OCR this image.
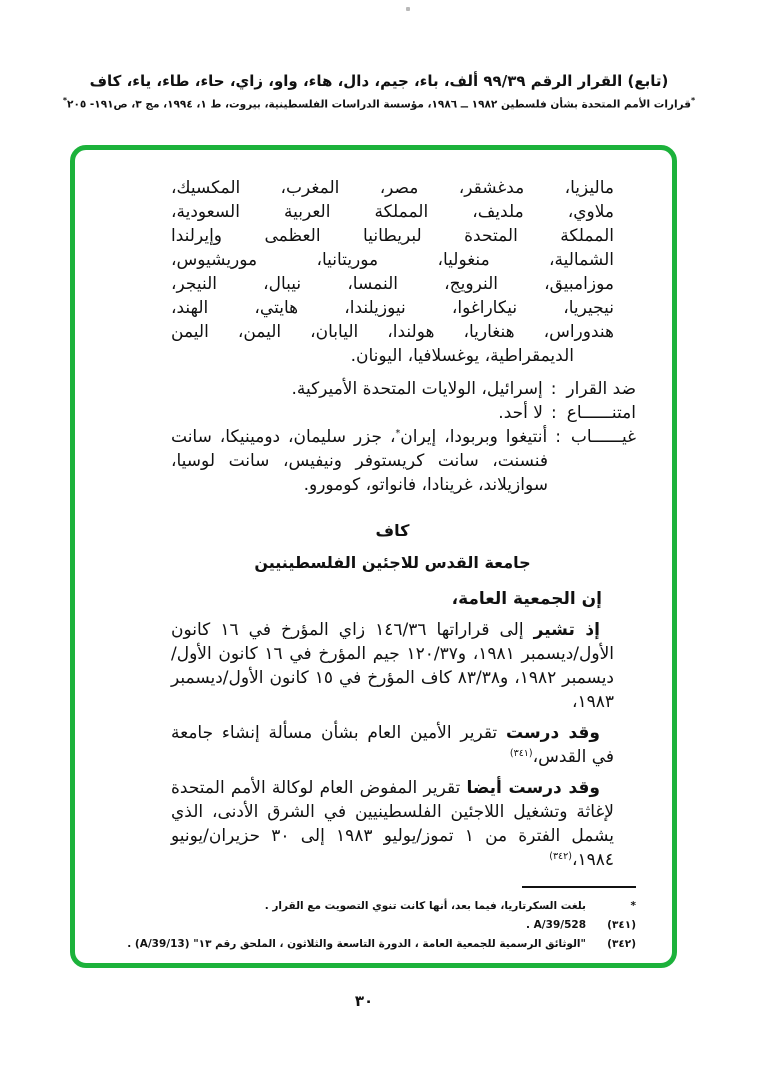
(تابع) القرار الرقم ٩٩/٣٩ ألف، باء، جيم، دال، هاء، واو، زاي، حاء، طاء، ياء، كاف
*قرارات الأمم المتحدة بشأن فلسطين ١٩٨٢ ــ ١٩٨٦، مؤسسة الدراسات الفلسطينية، بيروت، ط ١، ١٩٩٤، مج ٣، ص١٩١- ٢٠٥*
ماليزيا، مدغشقر، مصر، المغرب، المكسيك،
ملاوي، ملديف، المملكة العربية السعودية،
المملكة المتحدة لبريطانيا العظمى وإيرلندا
الشمالية، منغوليا، موريتانيا، موريشيوس،
موزامبيق، النرويج، النمسا، نيبال، النيجر،
نيجيريا، نيكاراغوا، نيوزيلندا، هايتي، الهند،
هندوراس، هنغاريا، هولندا، اليابان، اليمن، اليمن
الديمقراطية، يوغسلافيا، اليونان.
ضد القرار:إسرائيل، الولايات المتحدة الأميركية.
امتنــــــاع:لا أحد.
غيــــــاب:أنتيغوا وبربودا، إيران*، جزر سليمان، دومينيكا، سانت فنسنت، سانت كريستوفر ونيفيس، سانت لوسيا، سوازيلاند، غرينادا، فانواتو، كومورو.
كاف
جامعة القدس للاجئين الفلسطينيين
إن الجمعية العامة،

إذ تشير إلى قراراتها ١٤٦/٣٦ زاي المؤرخ في ١٦ كانون الأول/ديسمبر ١٩٨١، و١٢٠/٣٧ جيم المؤرخ في ١٦ كانون الأول/ديسمبر ١٩٨٢، و٨٣/٣٨ كاف المؤرخ في ١٥ كانون الأول/ديسمبر ١٩٨٣،

وقد درست تقرير الأمين العام بشأن مسألة إنشاء جامعة في القدس،$^{(٣٤١)}$

وقد درست أيضا تقرير المفوض العام لوكالة الأمم المتحدة لإغاثة وتشغيل اللاجئين الفلسطينيين في الشرق الأدنى، الذي يشمل الفترة من ١ تموز/يوليو ١٩٨٣ إلى ٣٠ حزيران/يونيو ١٩٨٤،$^{(٣٤٢)}$

*
بلغت السكرتاريا، فيما بعد، أنها كانت تنوي التصويت مع القرار .
(٣٤١)
A/39/528 .
(٣٤٢)
"الوثائق الرسمية للجمعية العامة ، الدورة التاسعة والثلاثون ، الملحق رقم ١٣" (A/39/13) .
٣٠
